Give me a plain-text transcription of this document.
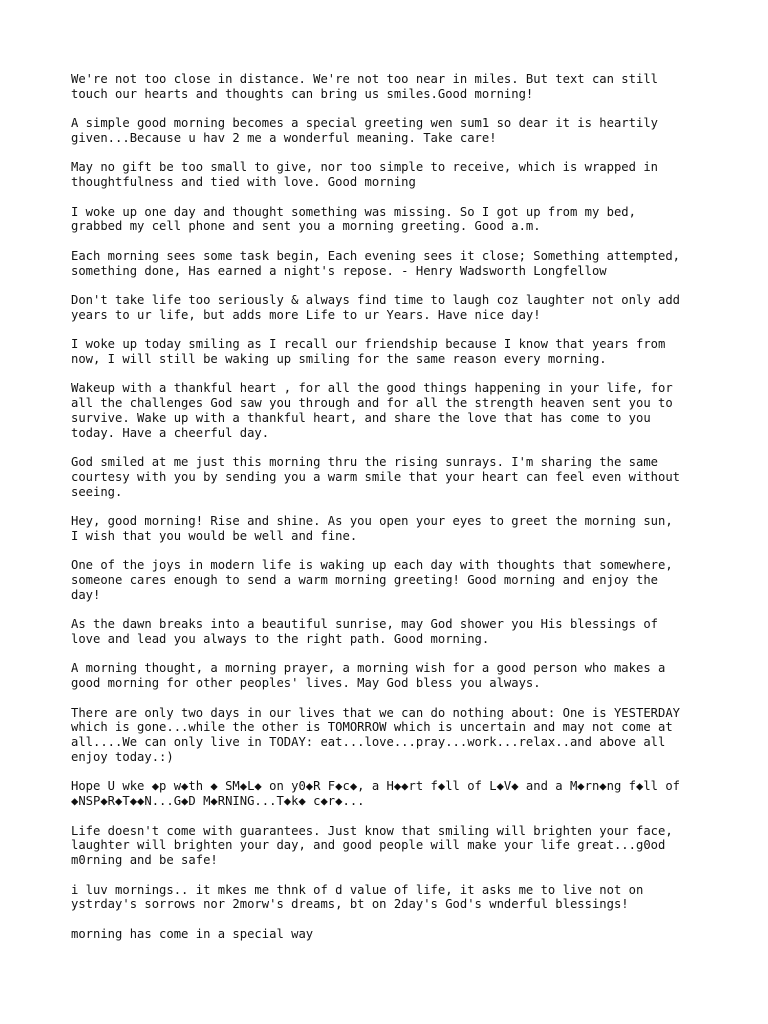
We're not too close in distance. We're not too near in miles. But text can still
touch our hearts and thoughts can bring us smiles.Good morning!

A simple good morning becomes a special greeting wen sum1 so dear it is heartily
given...Because u hav 2 me a wonderful meaning. Take care!

May no gift be too small to give, nor too simple to receive, which is wrapped in
thoughtfulness and tied with love. Good morning

I woke up one day and thought something was missing. So I got up from my bed,
grabbed my cell phone and sent you a morning greeting. Good a.m.

Each morning sees some task begin, Each evening sees it close; Something attempted,
something done, Has earned a night's repose. - Henry Wadsworth Longfellow

Don't take life too seriously & always find time to laugh coz laughter not only add
years to ur life, but adds more Life to ur Years. Have nice day!

I woke up today smiling as I recall our friendship because I know that years from
now, I will still be waking up smiling for the same reason every morning.

Wakeup with a thankful heart , for all the good things happening in your life, for
all the challenges God saw you through and for all the strength heaven sent you to
survive. Wake up with a thankful heart, and share the love that has come to you
today. Have a cheerful day.

God smiled at me just this morning thru the rising sunrays. I'm sharing the same
courtesy with you by sending you a warm smile that your heart can feel even without
seeing.

Hey, good morning! Rise and shine. As you open your eyes to greet the morning sun,
I wish that you would be well and fine.

One of the joys in modern life is waking up each day with thoughts that somewhere,
someone cares enough to send a warm morning greeting! Good morning and enjoy the
day!

As the dawn breaks into a beautiful sunrise, may God shower you His blessings of
love and lead you always to the right path. Good morning.

A morning thought, a morning prayer, a morning wish for a good person who makes a
good morning for other peoples' lives. May God bless you always.

There are only two days in our lives that we can do nothing about: One is YESTERDAY
which is gone...while the other is TOMORROW which is uncertain and may not come at
all....We can only live in TODAY: eat...love...pray...work...relax..and above all
enjoy today.:)

Hope U wke ◆p w◆th ◆ SM◆L◆ on y0◆R F◆c◆, a H◆◆rt f◆ll of L◆V◆ and a M◆rn◆ng f◆ll of
◆NSP◆R◆T◆◆N...G◆D M◆RNING...T◆k◆ c◆r◆...

Life doesn't come with guarantees. Just know that smiling will brighten your face,
laughter will brighten your day, and good people will make your life great...g0od
m0rning and be safe!

i luv mornings.. it mkes me thnk of d value of life, it asks me to live not on
ystrday's sorrows nor 2morw's dreams, bt on 2day's God's wnderful blessings!

morning has come in a special way
